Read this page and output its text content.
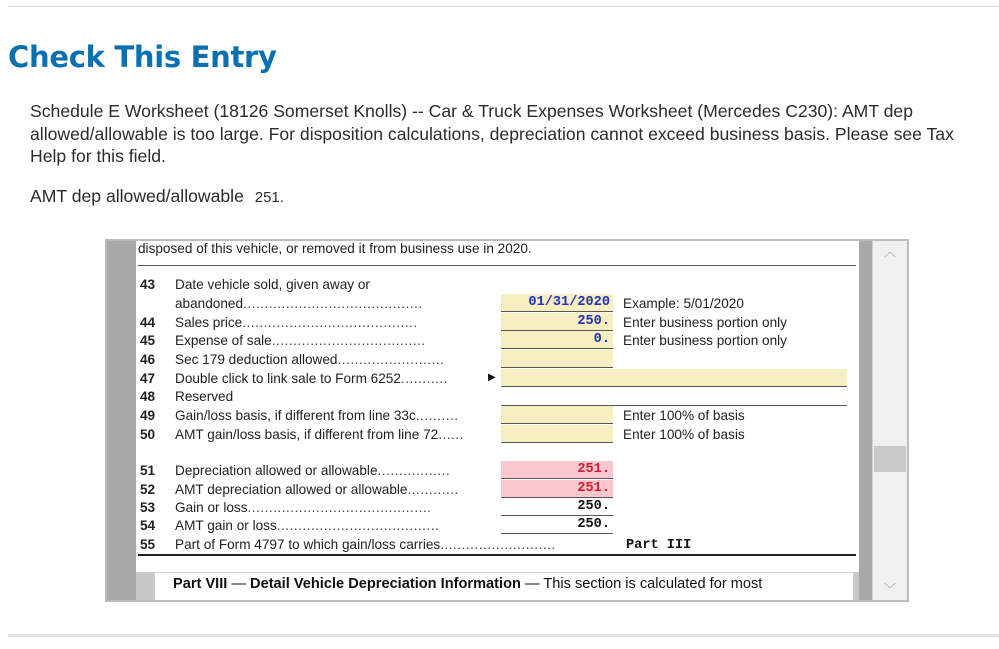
Check This Entry

Schedule E Worksheet (18126 Somerset Knolls) -- Car & Truck Expenses Worksheet (Mercedes C230): AMT dep allowed/allowable is too large. For disposition calculations, depreciation cannot exceed business basis. Please see Tax Help for this field.

AMT dep allowed/allowable 251.
disposed of this vehicle, or removed it from business use in 2020.
43 Date vehicle sold, given away or
abandoned..........................................	01/31/2020 Example: 5/01/2020
44 Sales price.........................................	250. Enter business portion only
45 Expense of sale....................................	0. Enter business portion only
46 Sec 179 deduction allowed.........................
47 Double click to link sale to Form 6252...........	▶
48 Reserved
49 Gain/loss basis, if different from line 33c..........	Enter 100% of basis
50 AMT gain/loss basis, if different from line 72......	Enter 100% of basis
51 Depreciation allowed or allowable.................	251.
52 AMT depreciation allowed or allowable............	251.
53 Gain or loss...........................................	250.
54 AMT gain or loss......................................	250.
55 Part of Form 4797 to which gain/loss carries...........................	Part III
Part VIII — Detail Vehicle Depreciation Information — This section is calculated for most
︿
﹀
